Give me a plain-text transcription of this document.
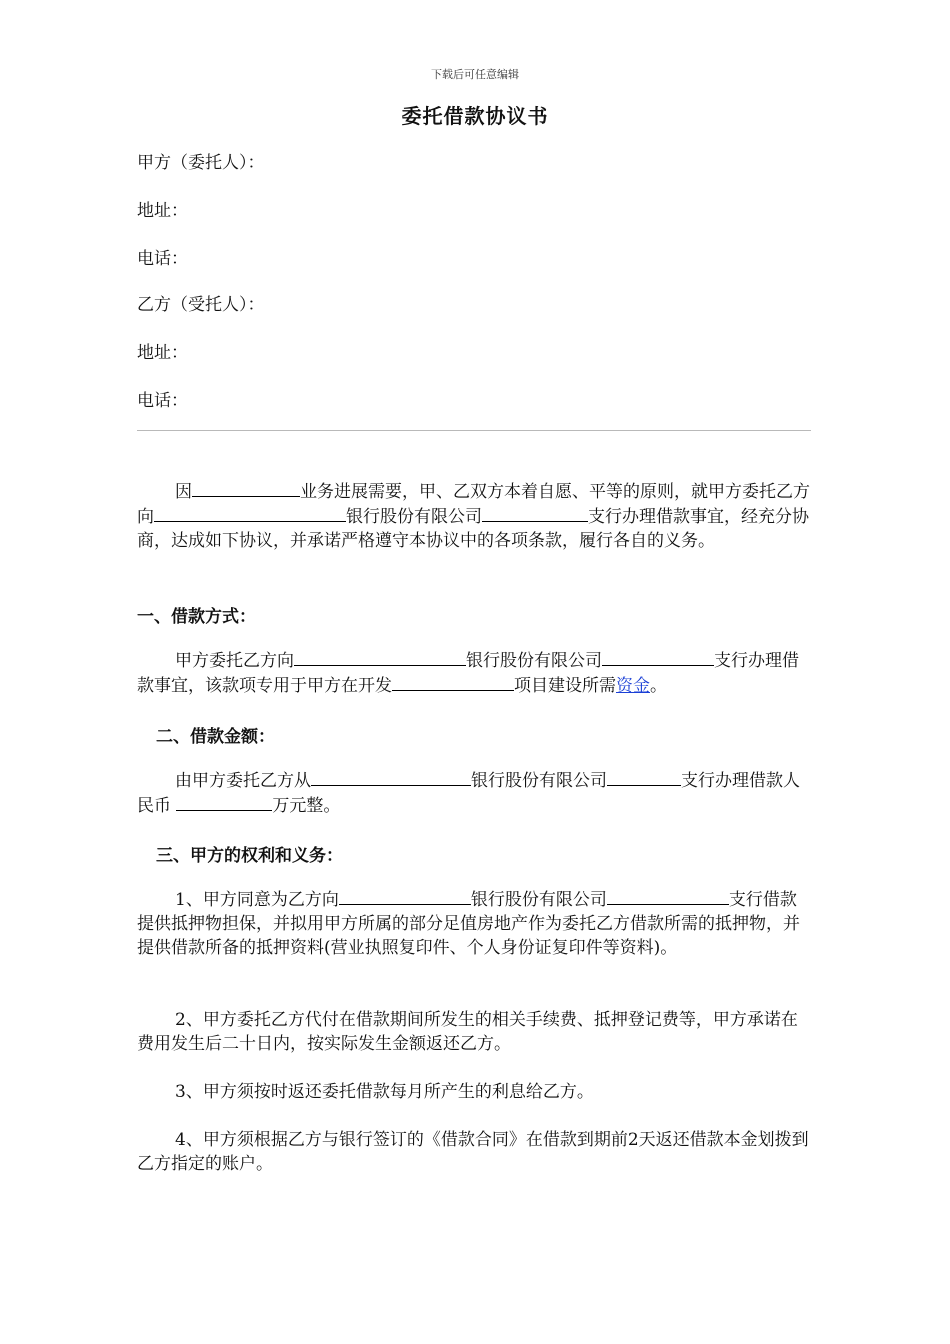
下载后可任意编辑
委托借款协议书
甲方（委托人）：
地址：
电话：
乙方（受托人）：
地址：
电话：
因	业务进展需要，甲、乙双方本着自愿、平等的原则，就甲方委托乙方向	银行股份有限公司	支行办理借款事宜，经充分协商，达成如下协议，并承诺严格遵守本协议中的各项条款，履行各自的义务。
一、借款方式：
甲方委托乙方向	银行股份有限公司	支行办理借款事宜，该款项专用于甲方在开发	项目建设所需资金。
二、借款金额：
由甲方委托乙方从	银行股份有限公司	支行办理借款人民币	万元整。
三、甲方的权利和义务：
1、甲方同意为乙方向	银行股份有限公司	支行借款提供抵押物担保，并拟用甲方所属的部分足值房地产作为委托乙方借款所需的抵押物，并提供借款所备的抵押资料(营业执照复印件、个人身份证复印件等资料)。
2、甲方委托乙方代付在借款期间所发生的相关手续费、抵押登记费等，甲方承诺在费用发生后二十日内，按实际发生金额返还乙方。
3、甲方须按时返还委托借款每月所产生的利息给乙方。
4、甲方须根据乙方与银行签订的《借款合同》在借款到期前2天返还借款本金划拨到乙方指定的账户。
